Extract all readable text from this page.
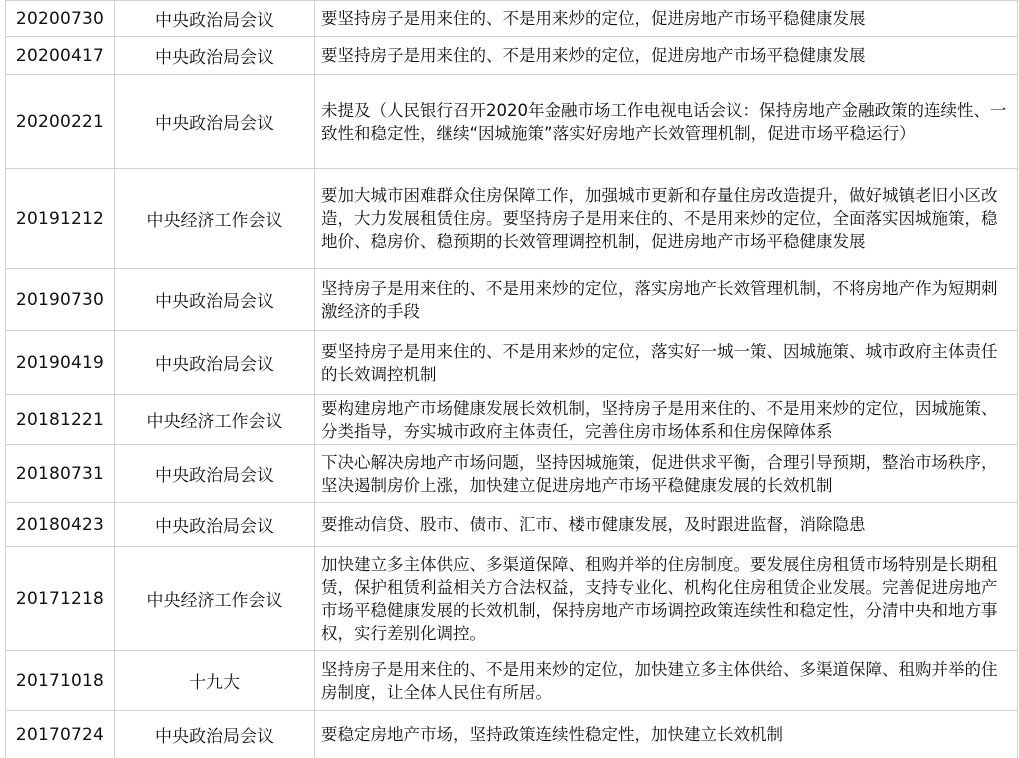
20200730	中央政治局会议	要坚持房子是用来住的、不是用来炒的定位，促进房地产市场平稳健康发展
20200417	中央政治局会议	要坚持房子是用来住的、不是用来炒的定位，促进房地产市场平稳健康发展
20200221	中央政治局会议	未提及（人民银行召开2020年金融市场工作电视电话会议：保持房地产金融政策的连续性、一致性和稳定性，继续“因城施策”落实好房地产长效管理机制，促进市场平稳运行）
20191212	中央经济工作会议	要加大城市困难群众住房保障工作，加强城市更新和存量住房改造提升，做好城镇老旧小区改造，大力发展租赁住房。要坚持房子是用来住的、不是用来炒的定位，全面落实因城施策，稳地价、稳房价、稳预期的长效管理调控机制，促进房地产市场平稳健康发展
20190730	中央政治局会议	坚持房子是用来住的、不是用来炒的定位，落实房地产长效管理机制，不将房地产作为短期刺激经济的手段
20190419	中央政治局会议	要坚持房子是用来住的、不是用来炒的定位，落实好一城一策、因城施策、城市政府主体责任的长效调控机制
20181221	中央经济工作会议	要构建房地产市场健康发展长效机制，坚持房子是用来住的、不是用来炒的定位，因城施策、分类指导，夯实城市政府主体责任，完善住房市场体系和住房保障体系
20180731	中央政治局会议	下决心解决房地产市场问题，坚持因城施策，促进供求平衡，合理引导预期，整治市场秩序，坚决遏制房价上涨，加快建立促进房地产市场平稳健康发展的长效机制
20180423	中央政治局会议	要推动信贷、股市、债市、汇市、楼市健康发展，及时跟进监督，消除隐患
20171218	中央经济工作会议	加快建立多主体供应、多渠道保障、租购并举的住房制度。要发展住房租赁市场特别是长期租赁，保护租赁利益相关方合法权益，支持专业化、机构化住房租赁企业发展。完善促进房地产市场平稳健康发展的长效机制，保持房地产市场调控政策连续性和稳定性，分清中央和地方事权，实行差别化调控。
20171018	十九大	坚持房子是用来住的、不是用来炒的定位，加快建立多主体供给、多渠道保障、租购并举的住房制度，让全体人民住有所居。
20170724	中央政治局会议	要稳定房地产市场，坚持政策连续性稳定性，加快建立长效机制
